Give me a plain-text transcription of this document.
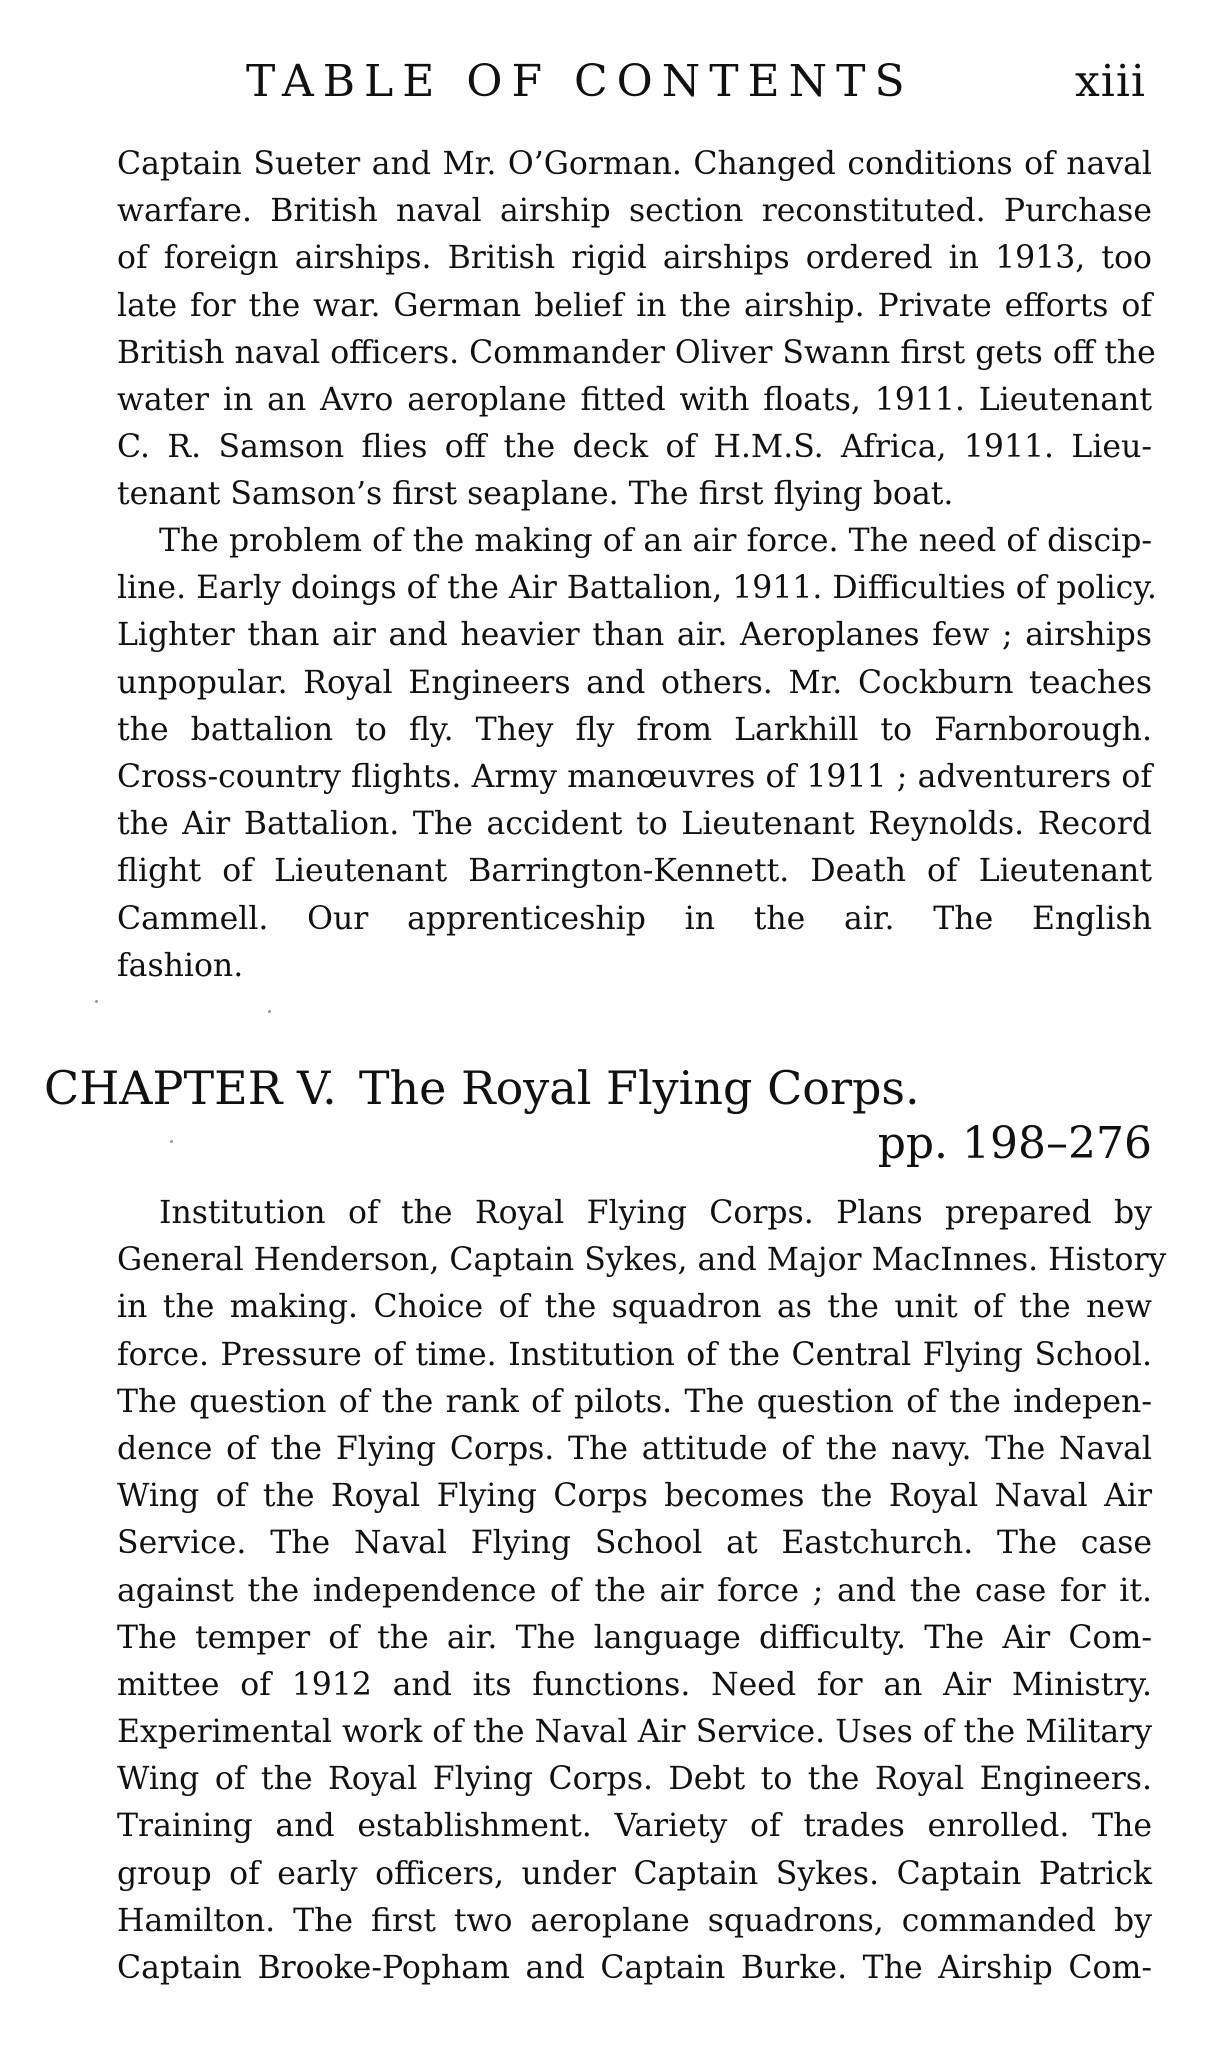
TABLE OF CONTENTS	xiii
Captain Sueter and Mr. O’Gorman. Changed conditions of naval
warfare. British naval airship section reconstituted. Purchase
of foreign airships. British rigid airships ordered in 1913, too
late for the war. German belief in the airship. Private efforts of
British naval officers. Commander Oliver Swann first gets off the
water in an Avro aeroplane fitted with floats, 1911. Lieutenant
C. R. Samson flies off the deck of H.M.S. Africa, 1911. Lieu-
tenant Samson’s first seaplane. The first flying boat.
The problem of the making of an air force. The need of discip-
line. Early doings of the Air Battalion, 1911. Difficulties of policy.
Lighter than air and heavier than air. Aeroplanes few ; airships
unpopular. Royal Engineers and others. Mr. Cockburn teaches
the battalion to fly. They fly from Larkhill to Farnborough.
Cross-country flights. Army manœuvres of 1911 ; adventurers of
the Air Battalion. The accident to Lieutenant Reynolds. Record
flight of Lieutenant Barrington-Kennett. Death of Lieutenant
Cammell. Our apprenticeship in the air. The English
fashion.
CHAPTER V. The Royal Flying Corps.
pp. 198–276
Institution of the Royal Flying Corps. Plans prepared by
General Henderson, Captain Sykes, and Major MacInnes. History
in the making. Choice of the squadron as the unit of the new
force. Pressure of time. Institution of the Central Flying School.
The question of the rank of pilots. The question of the indepen-
dence of the Flying Corps. The attitude of the navy. The Naval
Wing of the Royal Flying Corps becomes the Royal Naval Air
Service. The Naval Flying School at Eastchurch. The case
against the independence of the air force ; and the case for it.
The temper of the air. The language difficulty. The Air Com-
mittee of 1912 and its functions. Need for an Air Ministry.
Experimental work of the Naval Air Service. Uses of the Military
Wing of the Royal Flying Corps. Debt to the Royal Engineers.
Training and establishment. Variety of trades enrolled. The
group of early officers, under Captain Sykes. Captain Patrick
Hamilton. The first two aeroplane squadrons, commanded by
Captain Brooke-Popham and Captain Burke. The Airship Com-
